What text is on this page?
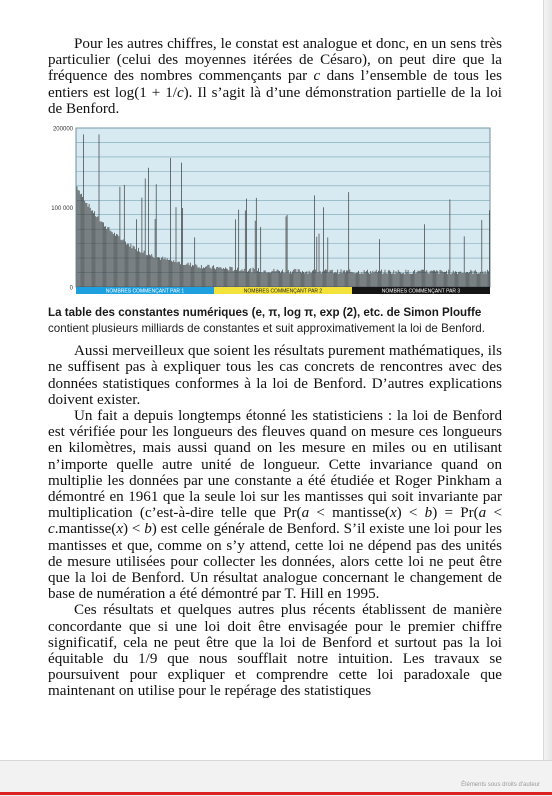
Pour les autres chiffres, le constat est analogue et donc, en un sens très particulier (celui des moyennes itérées de Césaro), on peut dire que la fréquence des nombres commençants par c dans l’ensemble de tous les entiers est log(1 + 1/c). Il s’agit là d’une démonstration partielle de la loi de Benford.

200000
100 000
0
NOMBRES COMMENÇANT PAR 1	NOMBRES COMMENÇANT PAR 2	NOMBRES COMMENÇANT PAR 3
La table des constantes numériques (e, π, log π, exp (2), etc. de Simon Plouffe contient plusieurs milliards de constantes et suit approximativement la loi de Benford.

Aussi merveilleux que soient les résultats purement mathématiques, ils ne suffisent pas à expliquer tous les cas concrets de rencontres avec des données statistiques conformes à la loi de Benford. D’autres explications doivent exister.

Un fait a depuis longtemps étonné les statisticiens : la loi de Benford est vérifiée pour les longueurs des fleuves quand on mesure ces longueurs en kilomètres, mais aussi quand on les mesure en miles ou en utilisant n’importe quelle autre unité de longueur. Cette invariance quand on multiplie les données par une constante a été étudiée et Roger Pinkham a démontré en 1961 que la seule loi sur les mantisses qui soit invariante par multiplication (c’est-à-dire telle que Pr(a < mantisse(x) < b) = Pr(a < c.mantisse(x) < b) est celle générale de Benford. S’il existe une loi pour les mantisses et que, comme on s’y attend, cette loi ne dépend pas des unités de mesure utilisées pour collecter les données, alors cette loi ne peut être que la loi de Benford. Un résultat analogue concernant le changement de base de numération a été démontré par T. Hill en 1995.

Ces résultats et quelques autres plus récents établissent de manière concordante que si une loi doit être envisagée pour le premier chiffre significatif, cela ne peut être que la loi de Benford et surtout pas la loi équitable du 1/9 que nous soufflait notre intuition. Les travaux se poursuivent pour expliquer et comprendre cette loi paradoxale que maintenant on utilise pour le repérage des statistiques

Éléments sous droits d'auteur
